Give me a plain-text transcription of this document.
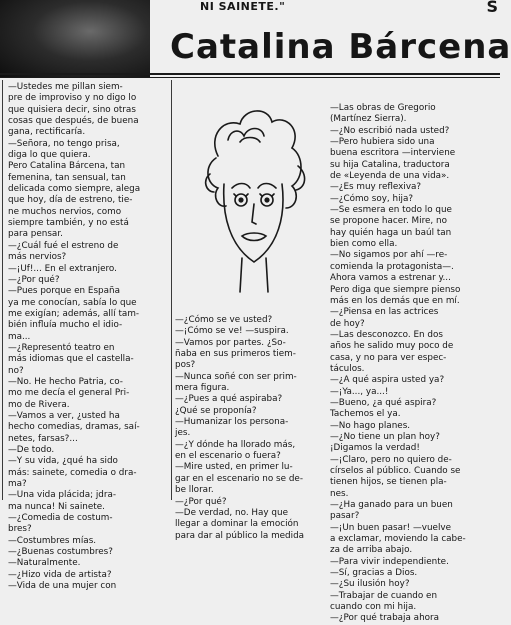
NI SAINETE."	S
Catalina Bárcena

—Ustedes me pillan siem-

pre de improviso y no digo lo

que quisiera decir, sino otras

cosas que después, de buena

gana, rectificaría.

—Señora, no tengo prisa,

diga lo que quiera.

Pero Catalina Bárcena, tan

femenina, tan sensual, tan

delicada como siempre, alega

que hoy, día de estreno, tie-

ne muchos nervios, como

siempre también, y no está

para pensar.

—¿Cuál fué el estreno de

más nervios?

—¡Uf!... En el extranjero.

—¿Por qué?

—Pues porque en España

ya me conocían, sabía lo que

me exigían; además, allí tam-

bién influía mucho el idio-

ma...

—¿Representó teatro en

más idiomas que el castella-

no?

—No. He hecho Patria, co-

mo me decía el general Pri-

mo de Rivera.

—Vamos a ver, ¿usted ha

hecho comedias, dramas, saí-

netes, farsas?...

—De todo.

—Y su vida, ¿qué ha sido

más: sainete, comedia o dra-

ma?

—Una vida plácida; jdra-

ma nunca! Ni sainete.

—¿Comedia de costum-

bres?

—Costumbres mías.

—¿Buenas costumbres?

—Naturalmente.

—¿Hizo vida de artista?

—Vida de una mujer con

—¿Cómo se ve usted?

—¡Cómo se ve! —suspira.

—Vamos por partes. ¿So-

ñaba en sus primeros tiem-

pos?

—Nunca soñé con ser prim-

mera figura.

—¿Pues a qué aspiraba?

¿Qué se proponía?

—Humanizar los persona-

jes.

—¿Y dónde ha llorado más,

en el escenario o fuera?

—Mire usted, en primer lu-

gar en el escenario no se de-

be llorar.

—¿Por qué?

—De verdad, no. Hay que

llegar a dominar la emoción

para dar al público la medida

—Las obras de Gregorio

(Martínez Sierra).

—¿No escribió nada usted?

—Pero hubiera sido una

buena escritora —interviene

su hija Catalina, traductora

de «Leyenda de una vida».

—¿Es muy reflexiva?

—¿Cómo soy, hija?

—Se esmera en todo lo que

se propone hacer. Mire, no

hay quién haga un baúl tan

bien como ella.

—No sigamos por ahí —re-

comienda la protagonista—.

Ahora vamos a estrenar y...

Pero diga que siempre pienso

más en los demás que en mí.

—¿Piensa en las actrices

de hoy?

—Las desconozco. En dos

años he salido muy poco de

casa, y no para ver espec-

táculos.

—¿A qué aspira usted ya?

—¡Ya..., ya...!

—Bueno, ¿a qué aspira?

Tachemos el ya.

—No hago planes.

—¿No tiene un plan hoy?

¡Digamos la verdad!

—¡Claro, pero no quiero de-

círselos al público. Cuando se

tienen hijos, se tienen pla-

nes.

—¿Ha ganado para un buen

pasar?

—¡Un buen pasar! —vuelve

a exclamar, moviendo la cabe-

za de arriba abajo.

—Para vivir independiente.

—Sí, gracias a Dios.

—¿Su ilusión hoy?

—Trabajar de cuando en

cuando con mi hija.

—¿Por qué trabaja ahora
